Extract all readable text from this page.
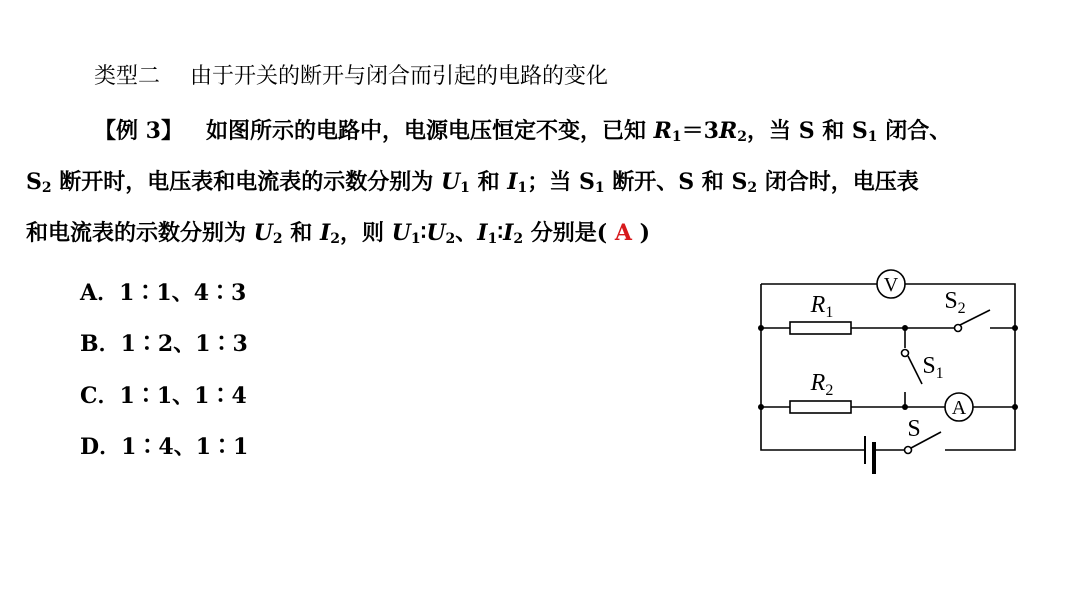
类型二 由于开关的断开与闭合而引起的电路的变化
【例 3】 如图所示的电路中，电源电压恒定不变，已知 $R_1=3R_2$，当 S 和 $S_1$ 闭合、
$S_2$ 断开时，电压表和电流表的示数分别为 $U_1$ 和 $I_1$；当 $S_1$ 断开、S 和 $S_2$ 闭合时，电压表
和电流表的示数分别为 $U_2$ 和 $I_2$，则 $U_1∶U_2$、$I_1∶I_2$ 分别是( A )
A．1∶1、4∶3
B．1∶2、1∶3
C．1∶1、1∶4
D．1∶4、1∶1
V
A
$R_1$
$R_2$
$S_2$
$S_1$
S
